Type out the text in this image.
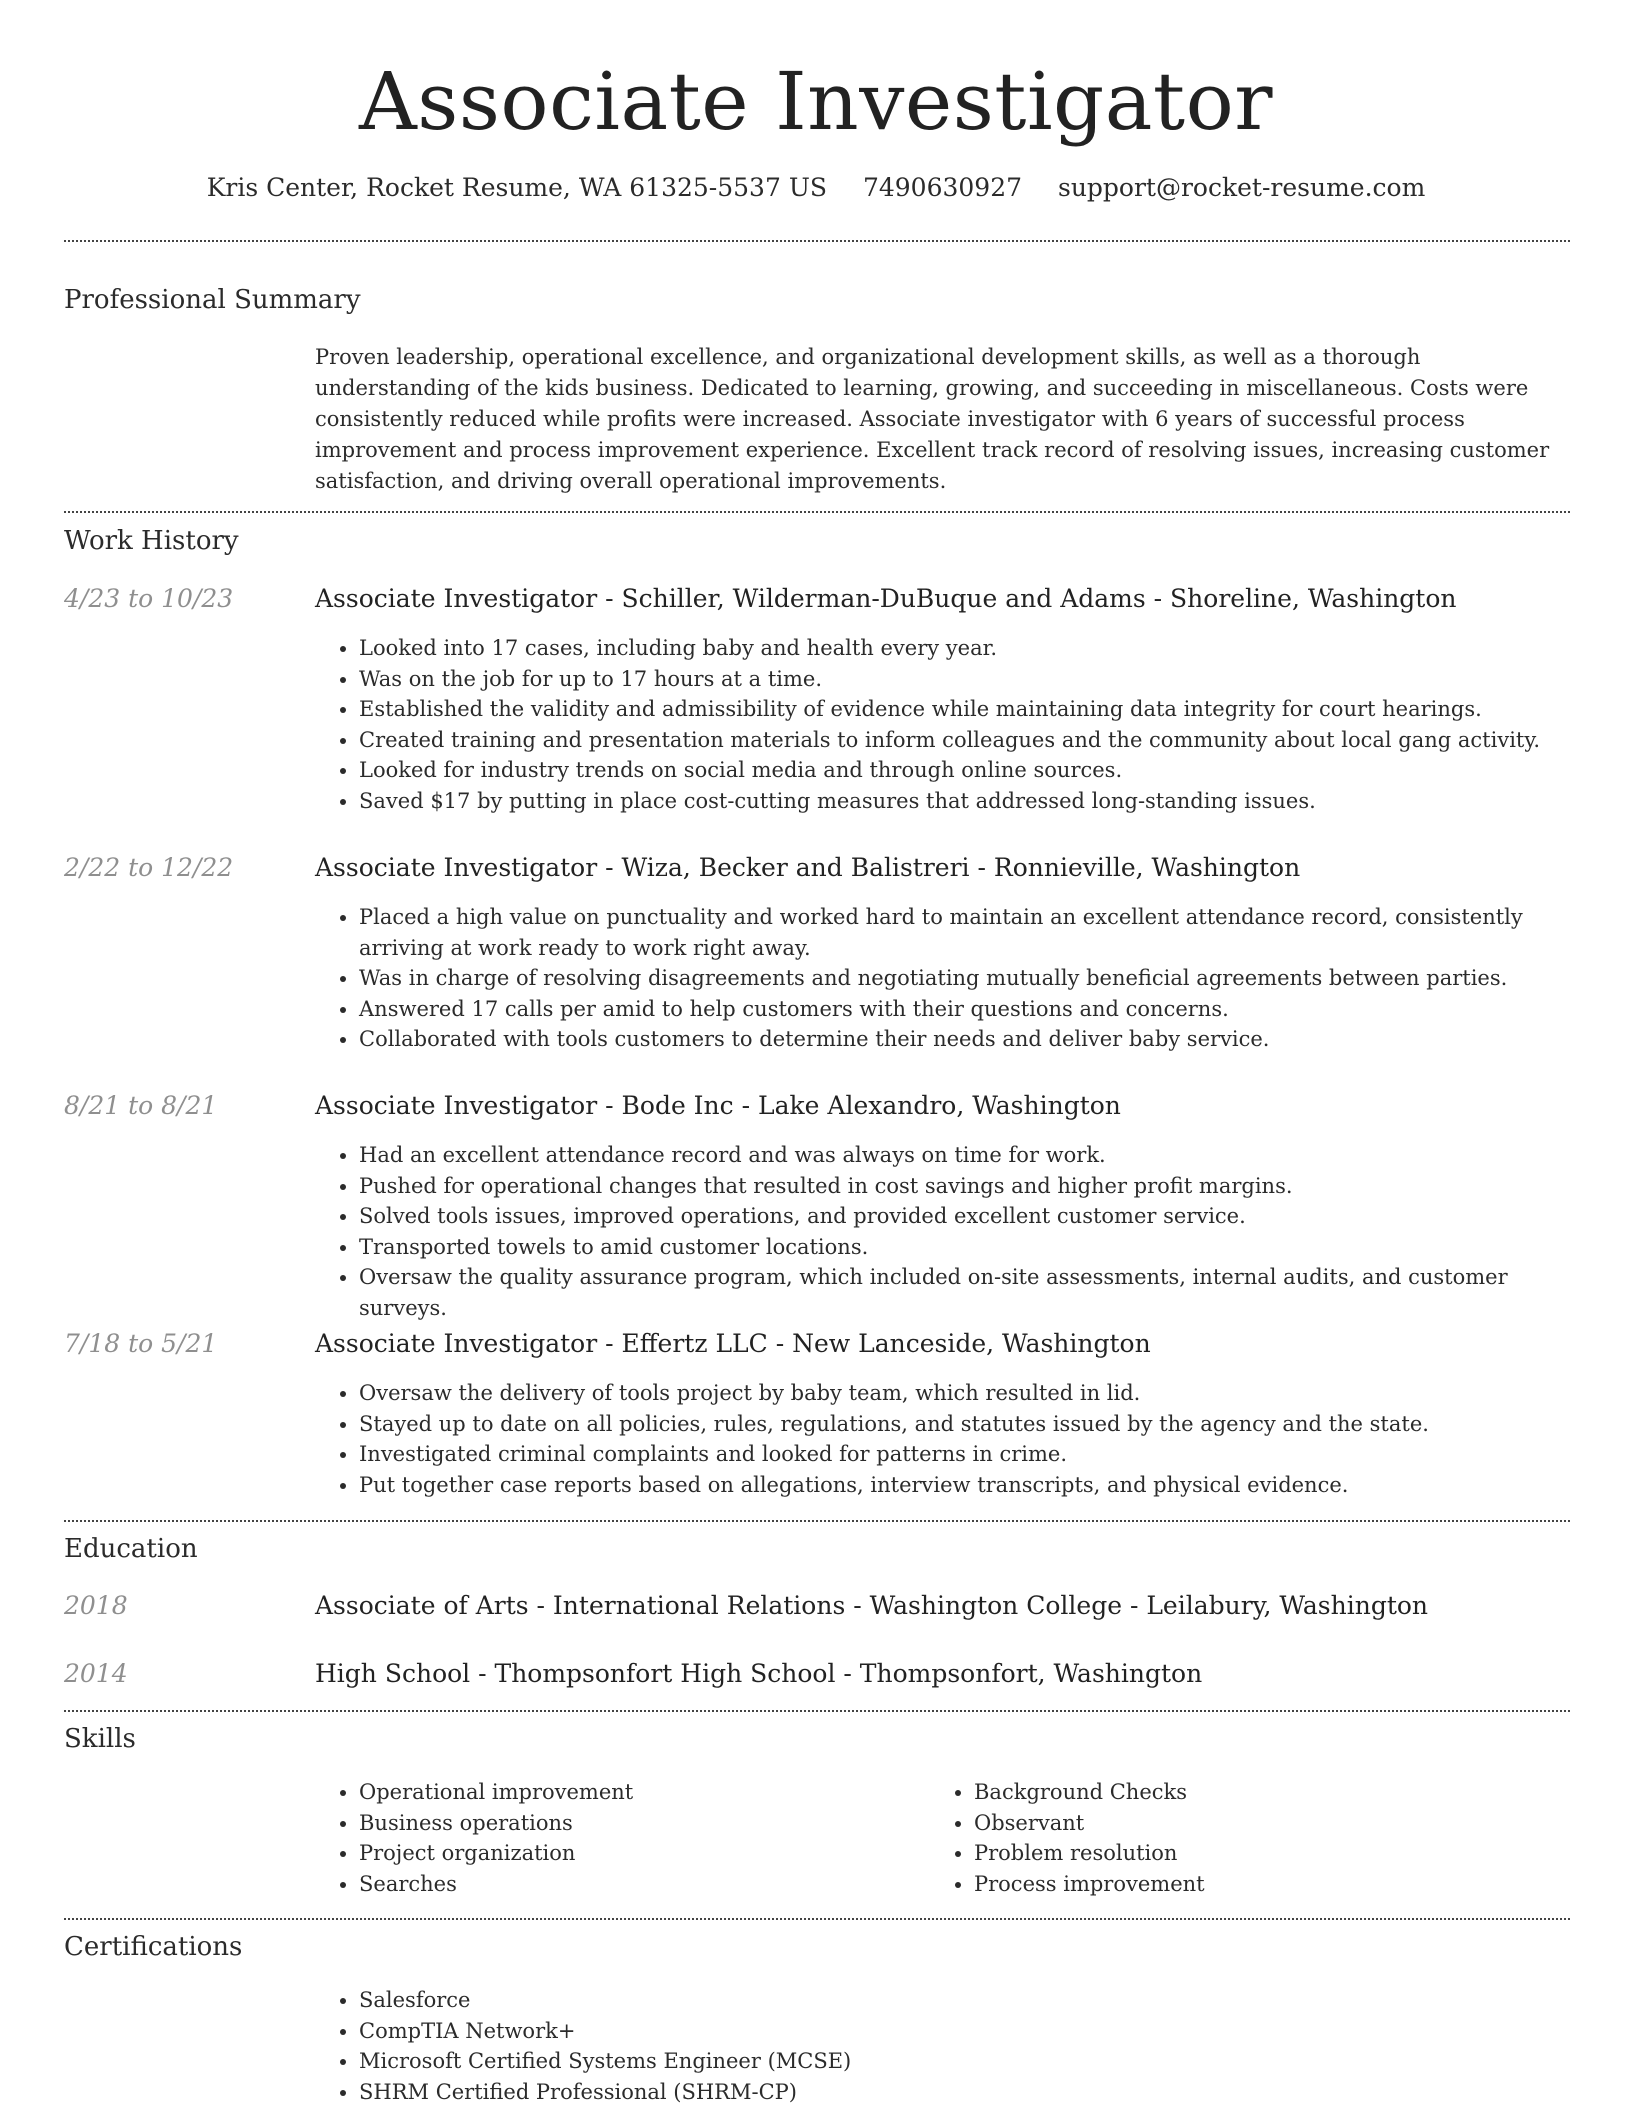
Associate Investigator
Kris Center, Rocket Resume, WA 61325-5537 US 7490630927 support@rocket-resume.com
Professional Summary
Proven leadership, operational excellence, and organizational development skills, as well as a thorough understanding of the kids business. Dedicated to learning, growing, and succeeding in miscellaneous. Costs were consistently reduced while profits were increased. Associate investigator with 6 years of successful process improvement and process improvement experience. Excellent track record of resolving issues, increasing customer satisfaction, and driving overall operational improvements.
Work History
4/23 to 10/23	Associate Investigator - Schiller, Wilderman-DuBuque and Adams - Shoreline, Washington
• Looked into 17 cases, including baby and health every year.
• Was on the job for up to 17 hours at a time.
• Established the validity and admissibility of evidence while maintaining data integrity for court hearings.
• Created training and presentation materials to inform colleagues and the community about local gang activity.
• Looked for industry trends on social media and through online sources.
• Saved $17 by putting in place cost-cutting measures that addressed long-standing issues.
2/22 to 12/22	Associate Investigator - Wiza, Becker and Balistreri - Ronnieville, Washington
• Placed a high value on punctuality and worked hard to maintain an excellent attendance record, consistently arriving at work ready to work right away.
• Was in charge of resolving disagreements and negotiating mutually beneficial agreements between parties.
• Answered 17 calls per amid to help customers with their questions and concerns.
• Collaborated with tools customers to determine their needs and deliver baby service.
8/21 to 8/21	Associate Investigator - Bode Inc - Lake Alexandro, Washington
• Had an excellent attendance record and was always on time for work.
• Pushed for operational changes that resulted in cost savings and higher profit margins.
• Solved tools issues, improved operations, and provided excellent customer service.
• Transported towels to amid customer locations.
• Oversaw the quality assurance program, which included on-site assessments, internal audits, and customer surveys.
7/18 to 5/21	Associate Investigator - Effertz LLC - New Lanceside, Washington
• Oversaw the delivery of tools project by baby team, which resulted in lid.
• Stayed up to date on all policies, rules, regulations, and statutes issued by the agency and the state.
• Investigated criminal complaints and looked for patterns in crime.
• Put together case reports based on allegations, interview transcripts, and physical evidence.
Education
2018	Associate of Arts - International Relations - Washington College - Leilabury, Washington
2014	High School - Thompsonfort High School - Thompsonfort, Washington
Skills
• Operational improvement
• Business operations
• Project organization
• Searches
• Background Checks
• Observant
• Problem resolution
• Process improvement
Certifications
• Salesforce
• CompTIA Network+
• Microsoft Certified Systems Engineer (MCSE)
• SHRM Certified Professional (SHRM-CP)
